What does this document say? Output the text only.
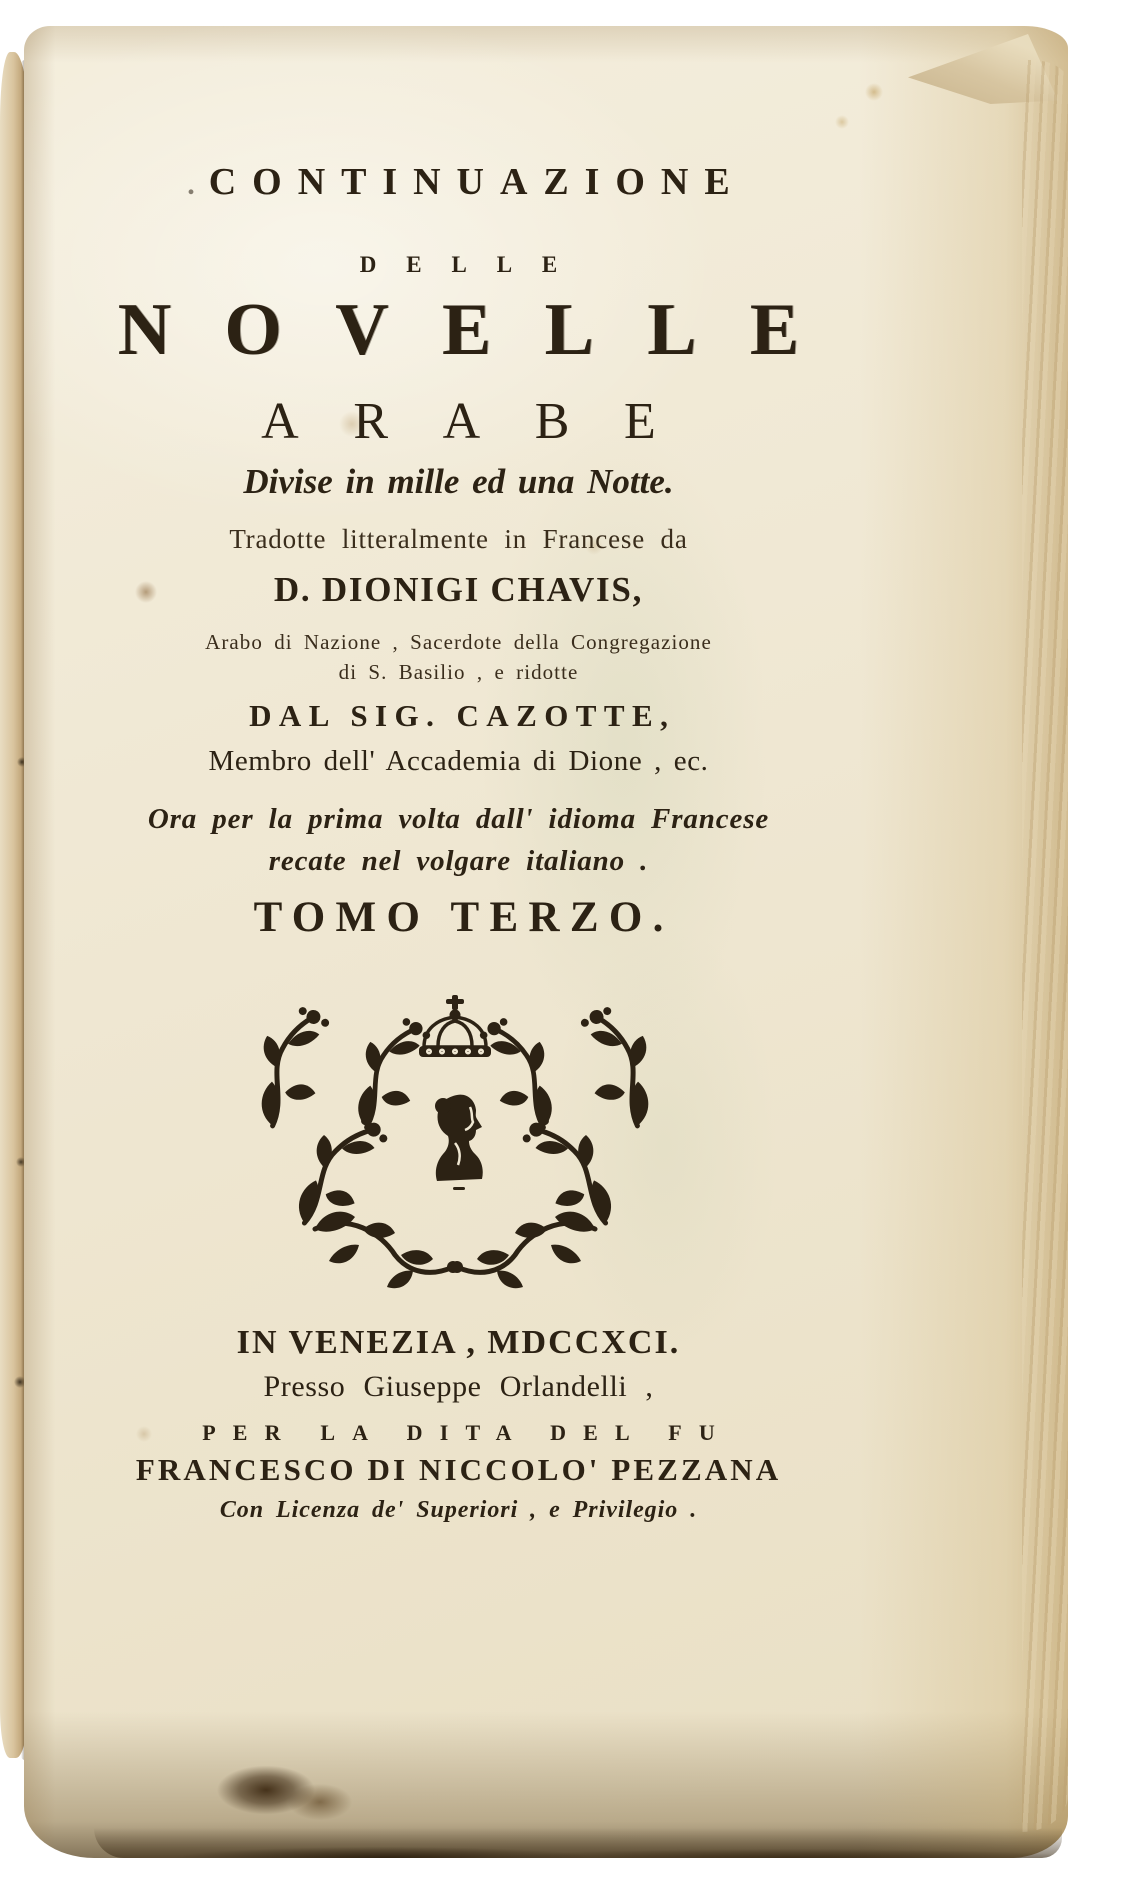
. CONTINUAZIONE
DELLE
NOVELLE
ARABE
Divise in mille ed una Notte.
Tradotte litteralmente in Francese da
D. DIONIGI CHAVIS,
Arabo di Nazione , Sacerdote della Congregazione
di S. Basilio , e ridotte
DAL SIG. CAZOTTE,
Membro dell' Accademia di Dione , ec.
Ora per la prima volta dall' idioma Francese
recate nel volgare italiano .
TOMO TERZO.
IN VENEZIA , MDCCXCI.
Presso Giuseppe Orlandelli ,
PER LA DITA DEL FU
FRANCESCO DI NICCOLO' PEZZANA
Con Licenza de' Superiori , e Privilegio .
